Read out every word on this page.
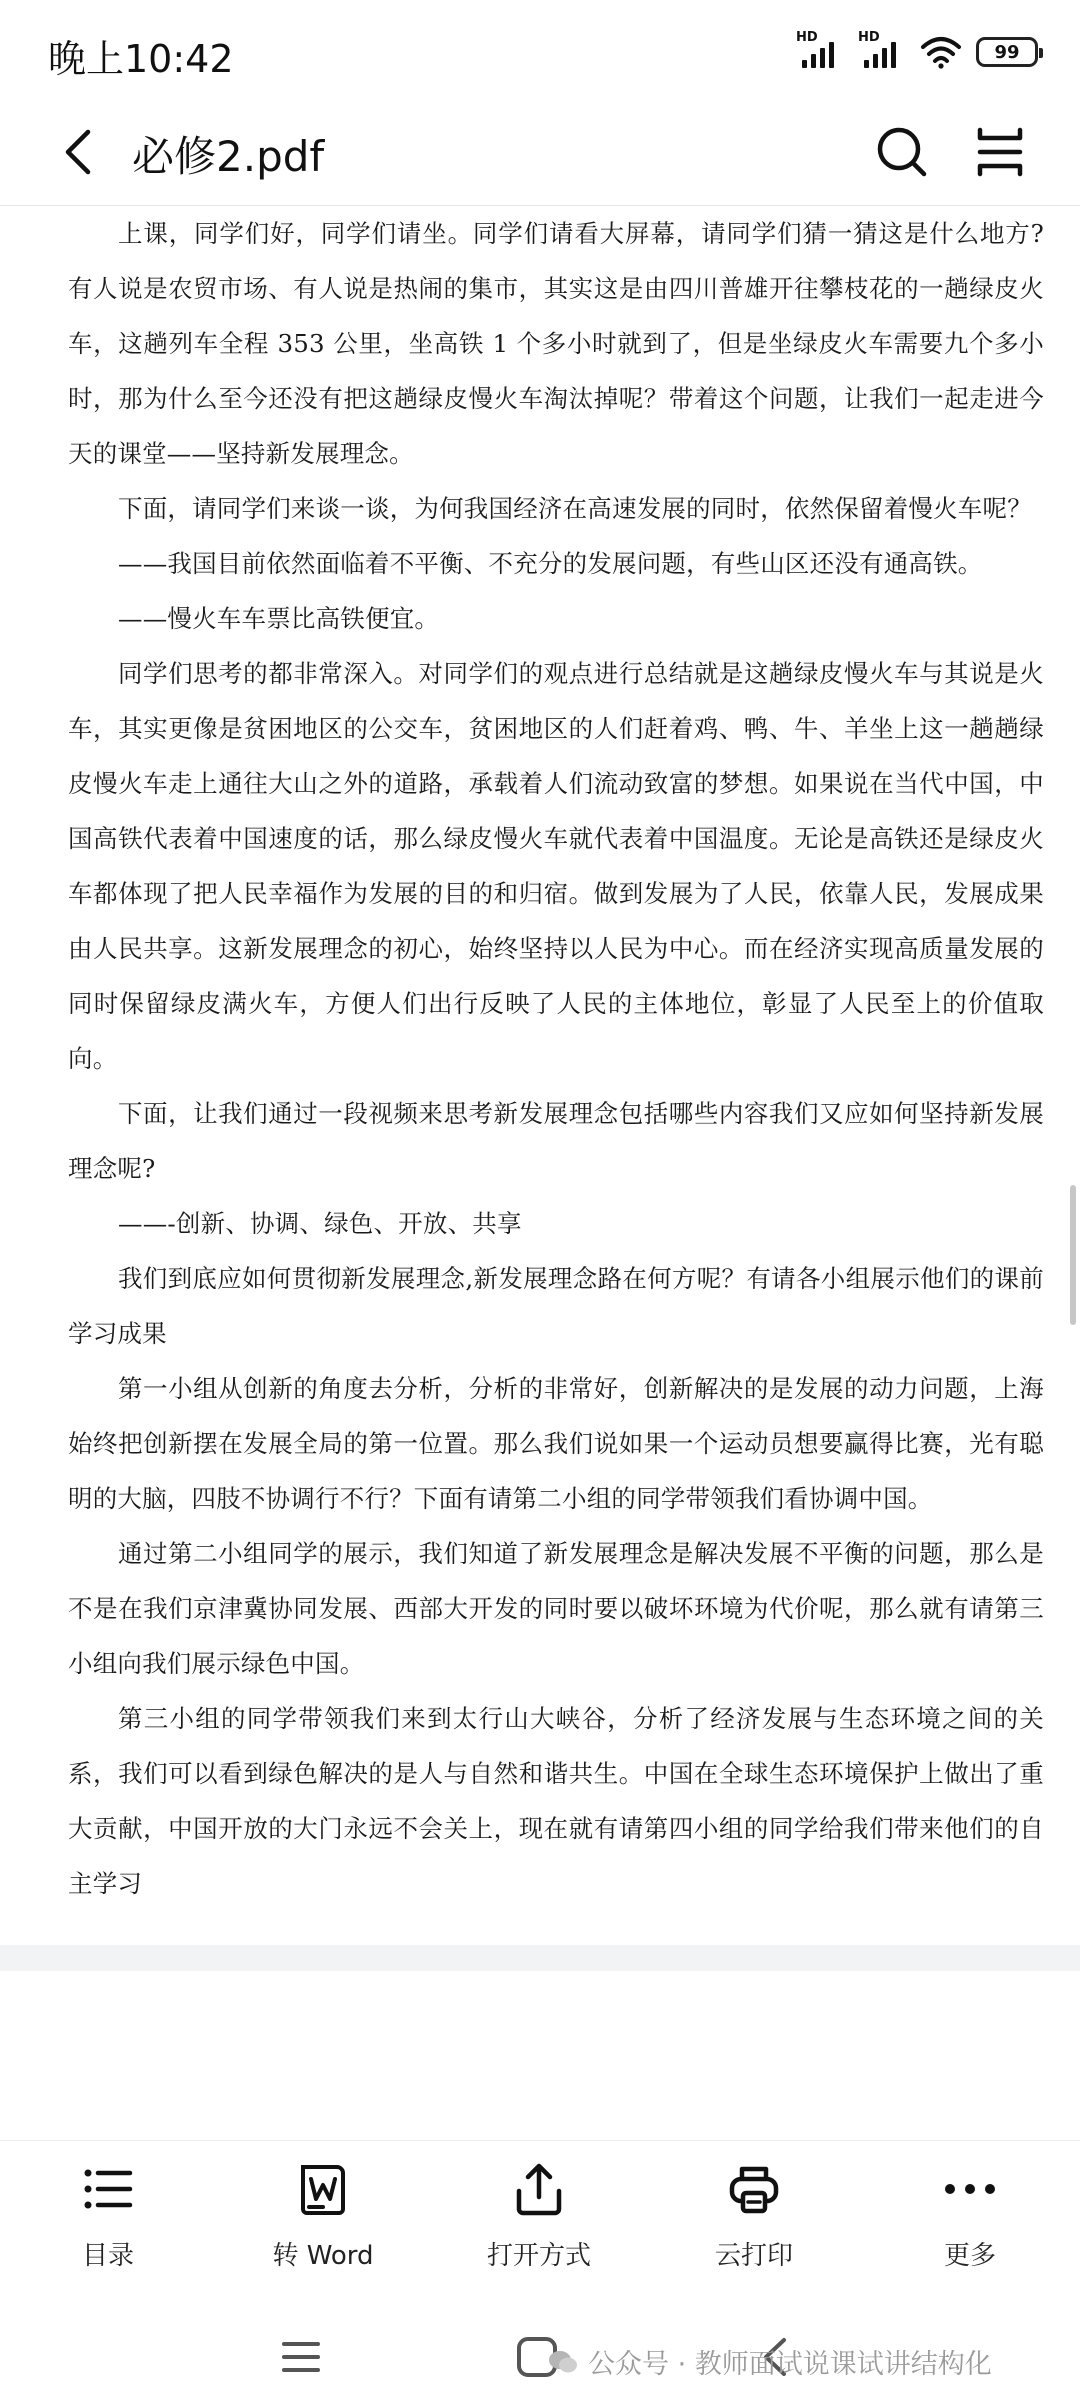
晚上10:42	HD	HD
99
必修2.pdf

上课，同学们好，同学们请坐。同学们请看大屏幕，请同学们猜一猜这是什么地方?有人说是农贸市场、有人说是热闹的集市，其实这是由四川普雄开往攀枝花的一趟绿皮火车，这趟列车全程 353 公里，坐高铁 1 个多小时就到了，但是坐绿皮火车需要九个多小时，那为什么至今还没有把这趟绿皮慢火车淘汰掉呢？带着这个问题，让我们一起走进今天的课堂——坚持新发展理念。

下面，请同学们来谈一谈，为何我国经济在高速发展的同时，依然保留着慢火车呢？

——我国目前依然面临着不平衡、不充分的发展问题，有些山区还没有通高铁。

——慢火车车票比高铁便宜。

同学们思考的都非常深入。对同学们的观点进行总结就是这趟绿皮慢火车与其说是火车，其实更像是贫困地区的公交车，贫困地区的人们赶着鸡、鸭、牛、羊坐上这一趟趟绿皮慢火车走上通往大山之外的道路，承载着人们流动致富的梦想。如果说在当代中国，中国高铁代表着中国速度的话，那么绿皮慢火车就代表着中国温度。无论是高铁还是绿皮火车都体现了把人民幸福作为发展的目的和归宿。做到发展为了人民，依靠人民，发展成果由人民共享。这新发展理念的初心，始终坚持以人民为中心。而在经济实现高质量发展的同时保留绿皮满火车，方便人们出行反映了人民的主体地位，彰显了人民至上的价值取向。

下面，让我们通过一段视频来思考新发展理念包括哪些内容我们又应如何坚持新发展理念呢?

——-创新、协调、绿色、开放、共享

我们到底应如何贯彻新发展理念,新发展理念路在何方呢？有请各小组展示他们的课前学习成果

第一小组从创新的角度去分析，分析的非常好，创新解决的是发展的动力问题，上海始终把创新摆在发展全局的第一位置。那么我们说如果一个运动员想要赢得比赛，光有聪明的大脑，四肢不协调行不行？下面有请第二小组的同学带领我们看协调中国。

通过第二小组同学的展示，我们知道了新发展理念是解决发展不平衡的问题，那么是不是在我们京津冀协同发展、西部大开发的同时要以破坏环境为代价呢，那么就有请第三小组向我们展示绿色中国。

第三小组的同学带领我们来到太行山大峡谷，分析了经济发展与生态环境之间的关系，我们可以看到绿色解决的是人与自然和谐共生。中国在全球生态环境保护上做出了重大贡献，中国开放的大门永远不会关上，现在就有请第四小组的同学给我们带来他们的自主学习

目录	转 Word	打开方式	云打印	更多
公众号 · 教师面试说课试讲结构化
